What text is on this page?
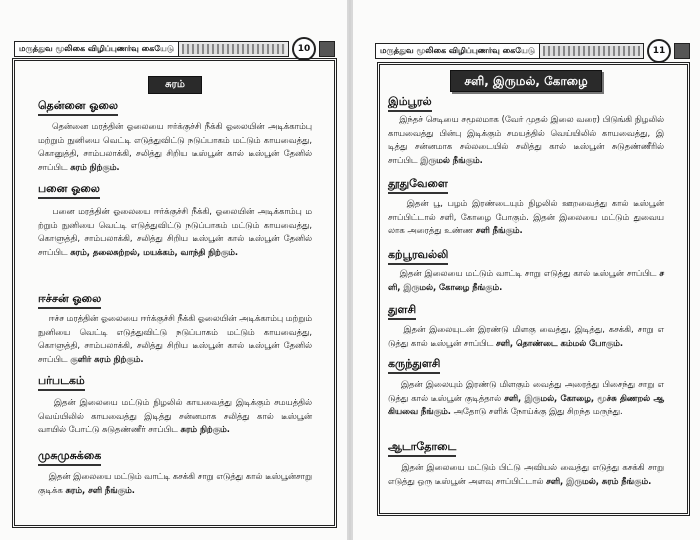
மருத்துவ மூலிகை விழிப்புணர்வு கையேடு	10
சுரம்
தென்னை ஓலை
தென்னை மரத்தின் ஓலையை ஈர்க்குச்சி நீக்கி ஓலையின் அடிக்காம்பு மற்றும் நுனியை வெட்டி எடுத்துவிட்டு நடுப்பாகம் மட்டும் காயவைத்து, கொனுத்தி, சாம்பலாக்கி, சலித்து சிறிய டீஸ்பூன் கால் டீஸ்பூன் தேனில் சாப்பிட சுரம் நிற்கும்.
பனை ஓலை
பனை மரத்தின் ஓலையை ஈர்க்குச்சி நீக்கி, ஓலையின் அடிக்காம்பு மற்றும் நுனியை வெட்டி எடுத்துவிட்டு நடுப்பாகம் மட்டும் காயவைத்து, கொளுத்தி, சாம்பலாக்கி, சலித்து சிறிய டீஸ்பூன் கால் டீஸ்பூன் தேனில் சாப்பிட சுரம், தலைசுற்றல், மயக்கம், வாந்தி நிற்கும்.
ஈச்சன் ஓலை
ஈச்ச மரத்தின் ஓலையை ஈர்க்குச்சி நீக்கி ஓலையின் அடிக்காம்பு மற்றும் நுனியை வெட்டி எடுத்துவிட்டு நடுப்பாகம் மட்டும் காயவைத்து, கொளுத்தி, சாம்பலாக்கி, சலித்து சிறிய டீஸ்பூன் கால் டீஸ்பூன் தேனில் சாப்பிட குளிர் சுரம் நிற்கும்.
பர்படகம்
இதன் இலையை மட்டும் நிழலில் காயவைத்து இடிக்கும் சமயத்தில் வெய்யிலில் காயவைத்து இடித்து சன்னமாக சலித்து கால் டீஸ்பூன் வாயில் போட்டு சுடுதண்ணீர் சாப்பிட சுரம் நிற்கும்.
முசுமுசுக்கை
இதன் இலையை மட்டும் வாட்டி கசக்கி சாறு எடுத்து கால் டீஸ்பூன்சாறு குடிக்க சுரம், சளி நீங்கும்.
மருத்துவ மூலிகை விழிப்புணர்வு கையேடு	11
சளி, இருமல், கோழை
இம்பூரல்
இந்தச் செடியை சமூலமாக (வேர் முதல் இலை வரை) பிடுங்கி நிழலில் காயவைத்து பின்பு இடிக்கும் சமயத்தில் வெய்யிலில் காயவைத்து, இடித்து சன்னமாக சல்லடையில் சலித்து கால் டீஸ்பூன் சுடுதண்ணீரில் சாப்பிட இருமல் நீங்கும்.
தூதுவேளை
இதன் பூ, பழம் இரண்டையும் நிழலில் ஊறவைத்து கால் டீஸ்பூன் சாப்பிட்டால் சளி, கோழை போகும். இதன் இலையை மட்டும் துவையலாக அரைத்து உண்ண சளி நீங்கும்.
கற்பூரவல்லி
இதன் இலையை மட்டும் வாட்டி சாறு எடுத்து கால் டீஸ்பூன் சாப்பிட சளி, இருமல், கோழை நீங்கும்.
துளசி
இதன் இலையுடன் இரண்டு மிளகு வைத்து, இடித்து, கசக்கி, சாறு எடுத்து கால் டீஸ்பூன் சாப்பிட சளி, தொண்டை கம்மல் போகும்.
கருந்துளசி
இதன் இலையும் இரண்டு மிளகும் வைத்து அரைத்து பிசைந்து சாறு எடுத்து கால் டீஸ்பூன் குடித்தால் சளி, இருமல், கோழை, மூச்சு திணறல் ஆகியவை நீங்கும். அதோடு சளிக் நோய்க்கு இது சிறந்த மருந்து.
ஆடாதோடை
இதன் இலையை மட்டும் பிட்டு அவியல் வைத்து எடுத்து கசக்கி சாறு எடுத்து ஒரு டீஸ்பூன் அளவு சாப்பிட்டால் சளி, இருமல், சுரம் நீங்கும்.
